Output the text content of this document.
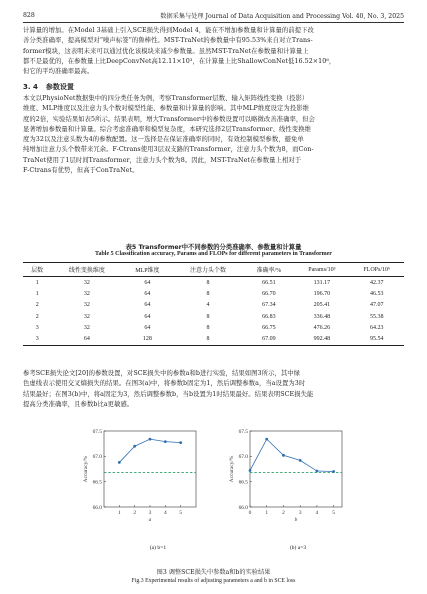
828	数据采集与处理 Journal of Data Acquisition and Processing Vol. 40, No. 3, 2025
计算量的增加。在Model 3基础上引入SCE损失得到Model 4，能在不增加参数量和计算量的前提下改
善分类准确率，提高模型对“噪声标签”的鲁棒性。MST-TraNet的参数量中有95.53%来自对立Trans-
former模块，这表明未来可以通过优化该模块来减少参数量。虽然MST-TraNet在参数量和计算量上
都不是最优的，在参数量上比DeepConvNet高12.11×10³，在计算量上比ShallowConNet低16.52×10⁶，
但它的平均准确率最高。
3. 4 参数设置
本文以PhysioNet数据集中的四分类任务为例，考察Transformer层数、输入矩阵线性变换（投影）
维度、MLP维度以及注意力头个数对模型性能、参数量和计算量的影响。其中MLP维度设定为投影维
度的2倍，实验结果如表5所示。结果表明，增大Transformer中的参数设置可以略微改善准确率，但会
显著增加参数量和计算量。综合考虑准确率和模型复杂度，本研究选择2层Transformer、线性变换维
度为32以及注意头数为4的参数配置。这一选择是在保证准确率的同时，有效控制模型参数，避免单
纯增加注意力头个数带来冗余。F-Ctrans使用3层双支路的Transformer，注意力头个数为8，而Con-
TraNet使用了1层时间Transformer，注意力头个数为8。因此，MST-TraNet在参数量上相对于
F-Ctrans有优势，但高于ConTraNet。
表5 Transformer中不同参数的分类准确率、参数量和计算量
Table 5 Classification accuracy, Params and FLOPs for different parameters in Transformer
层数	线性变换维度	MLP维度	注意力头个数	准确率/%	Params/10³	FLOPs/10⁶
1	32	64	8	66.51	131.17	42.37
1	32	64	8	66.70	196.70	46.53
2	32	64	4	67.34	205.41	47.07
2	32	64	8	66.83	336.48	55.38
3	32	64	8	66.75	476.26	64.23
3	64	128	8	67.09	992.48	95.54
参考SCE损失论文[20]的参数设置，对SCE损失中的参数a和b进行实验，结果如图3所示，其中绿
色虚线表示使用交叉熵损失的结果。在图3(a)中，将参数b固定为1，然后调整参数a，当a设置为3时
结果最好；在图3(b)中，将a固定为3，然后调整参数b，当b设置为1时结果最好。结果表明SCE损失能
提高分类准确率，且参数b比a更敏感。
66.0
66.5
67.0
67.5
1 2 3 4 5
a
Accuracy/%
(a) b=1
66.0
66.5
67.0
67.5
0	1	2	3	4	5
b
Accuracy/%
(b) a=3
图3 调整SCE损失中参数a和b的实验结果
Fig.3 Experimental results of adjusting parameters a and b in SCE loss
